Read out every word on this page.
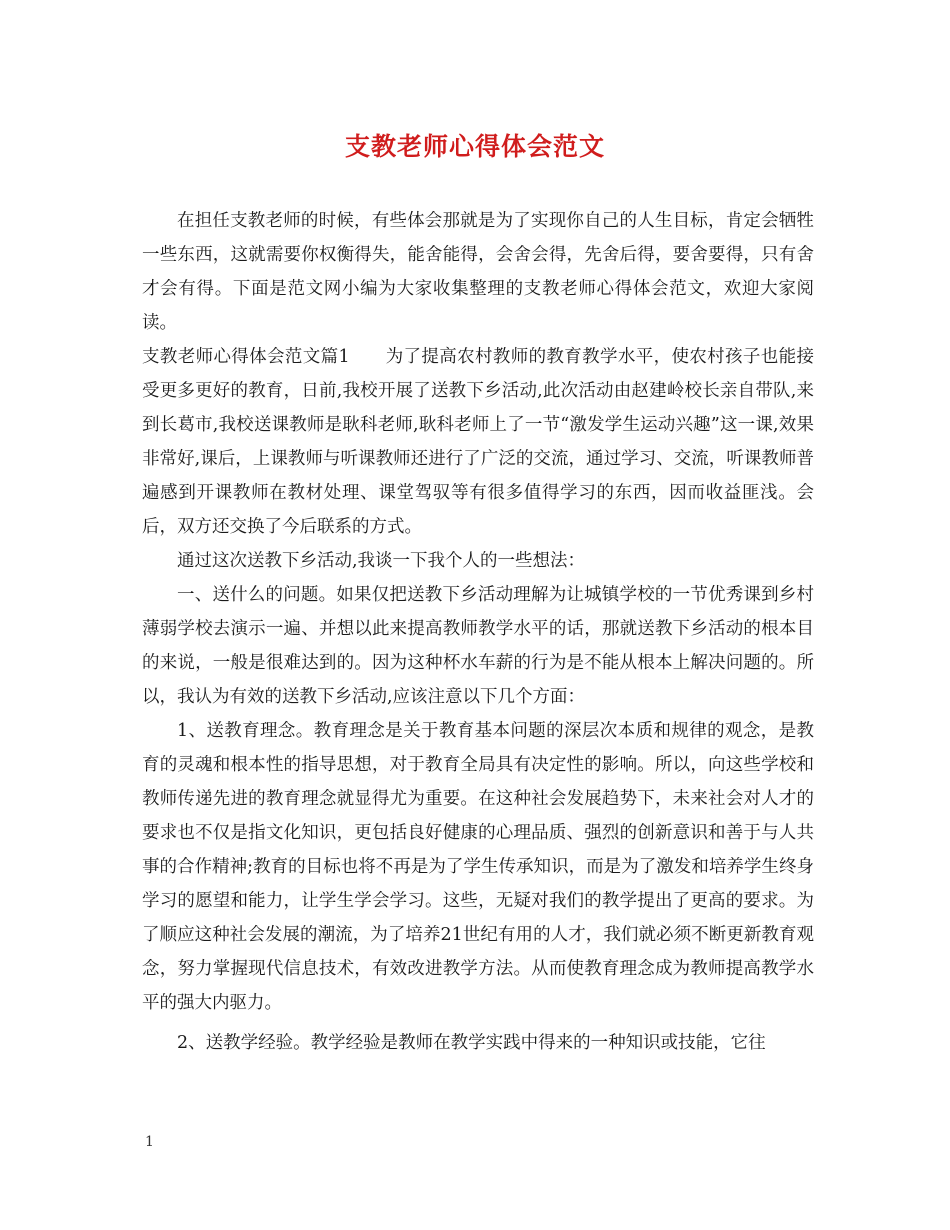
支教老师心得体会范文

在担任支教老师的时候，有些体会那就是为了实现你自己的人生目标，肯定会牺牲一些东西，这就需要你权衡得失，能舍能得，会舍会得，先舍后得，要舍要得，只有舍才会有得。下面是范文网小编为大家收集整理的支教老师心得体会范文，欢迎大家阅读。

支教老师心得体会范文篇1　　为了提高农村教师的教育教学水平，使农村孩子也能接受更多更好的教育，日前,我校开展了送教下乡活动,此次活动由赵建岭校长亲自带队,来到长葛市,我校送课教师是耿科老师,耿科老师上了一节“激发学生运动兴趣”这一课,效果非常好,课后，上课教师与听课教师还进行了广泛的交流，通过学习、交流，听课教师普遍感到开课教师在教材处理、课堂驾驭等有很多值得学习的东西，因而收益匪浅。会后，双方还交换了今后联系的方式。

通过这次送教下乡活动,我谈一下我个人的一些想法：

一、送什么的问题。如果仅把送教下乡活动理解为让城镇学校的一节优秀课到乡村薄弱学校去演示一遍、并想以此来提高教师教学水平的话，那就送教下乡活动的根本目的来说，一般是很难达到的。因为这种杯水车薪的行为是不能从根本上解决问题的。所以，我认为有效的送教下乡活动,应该注意以下几个方面：

1、送教育理念。教育理念是关于教育基本问题的深层次本质和规律的观念，是教育的灵魂和根本性的指导思想，对于教育全局具有决定性的影响。所以，向这些学校和教师传递先进的教育理念就显得尤为重要。在这种社会发展趋势下，未来社会对人才的要求也不仅是指文化知识，更包括良好健康的心理品质、强烈的创新意识和善于与人共事的合作精神;教育的目标也将不再是为了学生传承知识，而是为了激发和培养学生终身学习的愿望和能力，让学生学会学习。这些，无疑对我们的教学提出了更高的要求。为了顺应这种社会发展的潮流，为了培养21世纪有用的人才，我们就必须不断更新教育观念，努力掌握现代信息技术，有效改进教学方法。从而使教育理念成为教师提高教学水平的强大内驱力。

2、送教学经验。教学经验是教师在教学实践中得来的一种知识或技能，它往

1
